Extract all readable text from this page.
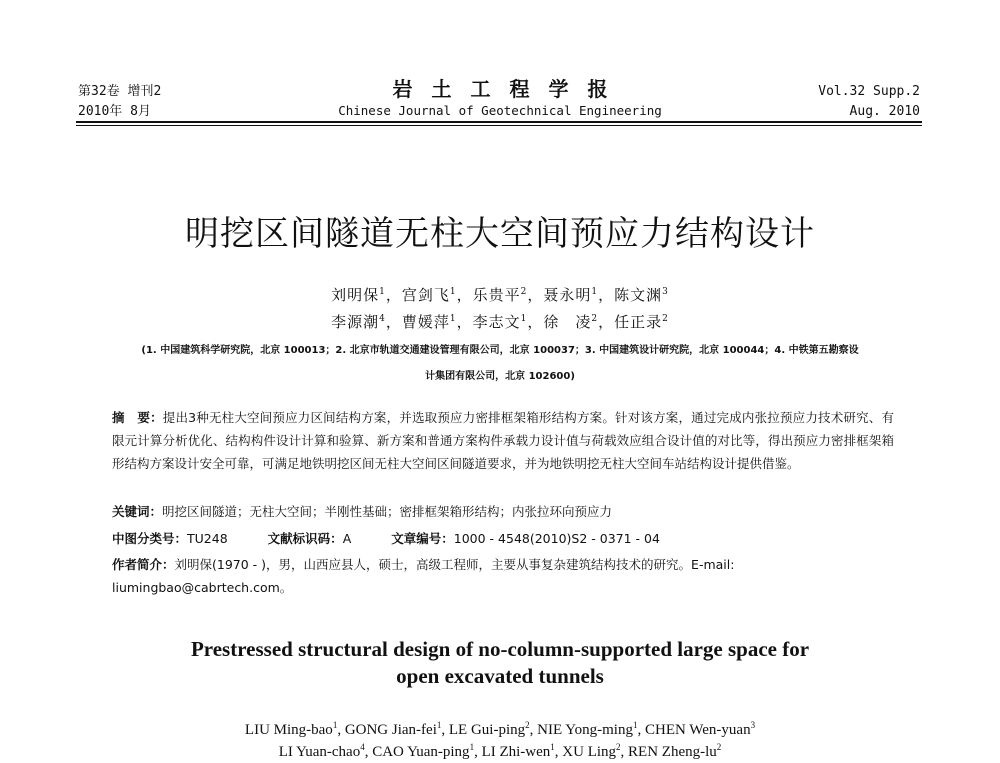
第32卷 增刊2
2010年 8月
岩土工程学报
Chinese Journal of Geotechnical Engineering
Vol.32 Supp.2
Aug. 2010
明挖区间隧道无柱大空间预应力结构设计
刘明保$^1$，宫剑飞$^1$，乐贵平$^2$，聂永明$^1$，陈文渊$^3$
李源潮$^4$，曹媛萍$^1$，李志文$^1$，徐　凌$^2$，任正录$^2$
(1. 中国建筑科学研究院，北京 100013；2. 北京市轨道交通建设管理有限公司，北京 100037；3. 中国建筑设计研究院，北京 100044；4. 中铁第五勘察设
计集团有限公司，北京 102600)
摘　要：提出3种无柱大空间预应力区间结构方案，并选取预应力密排框架箱形结构方案。针对该方案，通过完成内张拉预应力技术研究、有限元计算分析优化、结构构件设计计算和验算、新方案和普通方案构件承载力设计值与荷载效应组合设计值的对比等，得出预应力密排框架箱形结构方案设计安全可靠，可满足地铁明挖区间无柱大空间区间隧道要求，并为地铁明挖无柱大空间车站结构设计提供借鉴。
关键词：明挖区间隧道；无柱大空间；半刚性基础；密排框架箱形结构；内张拉环向预应力
中图分类号：TU248	文献标识码：A	文章编号：1000 - 4548(2010)S2 - 0371 - 04
作者简介：刘明保(1970 - )，男，山西应县人，硕士，高级工程师，主要从事复杂建筑结构技术的研究。E-mail:
liumingbao@cabrtech.com。
Prestressed structural design of no-column-supported large space for
open excavated tunnels
LIU Ming-bao$^1$, GONG Jian-fei$^1$, LE Gui-ping$^2$, NIE Yong-ming$^1$, CHEN Wen-yuan$^3$
LI Yuan-chao$^4$, CAO Yuan-ping$^1$, LI Zhi-wen$^1$, XU Ling$^2$, REN Zheng-$lu^2$
